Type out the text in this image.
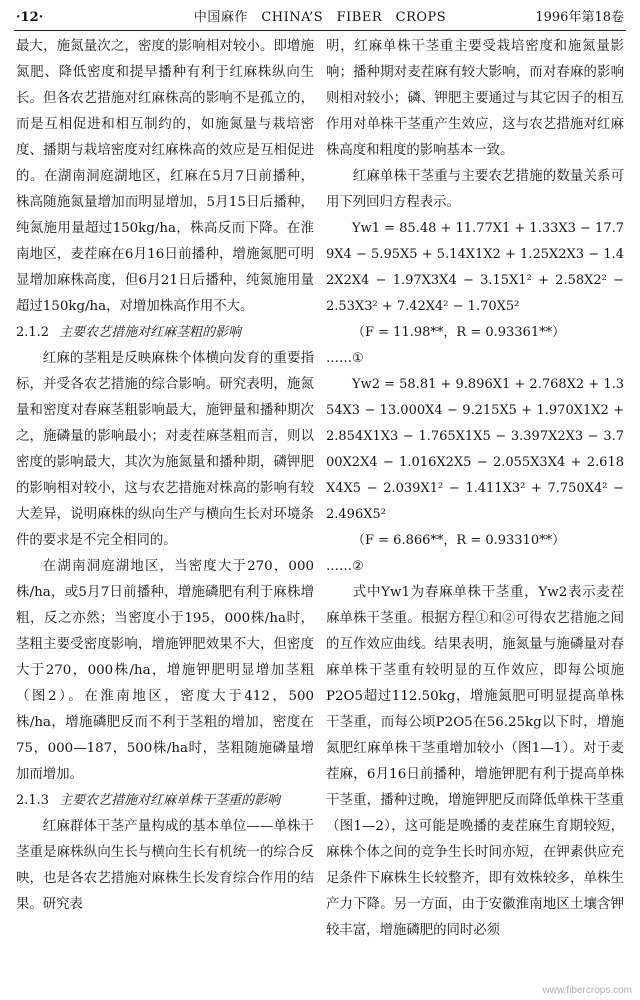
·12·	中国麻作　CHINA’S　FIBER　CROPS	1996年第18卷

最大，施氮量次之，密度的影响相对较小。即增施氮肥、降低密度和提早播种有利于红麻株纵向生长。但各农艺措施对红麻株高的影响不是孤立的，而是互相促进和相互制约的，如施氮量与栽培密度、播期与栽培密度对红麻株高的效应是互相促进的。在湖南洞庭湖地区，红麻在5月7日前播种，株高随施氮量增加而明显增加，5月15日后播种，纯氮施用量超过150kg/ha，株高反而下降。在淮南地区，麦茬麻在6月16日前播种，增施氮肥可明显增加麻株高度，但6月21日后播种，纯氮施用量超过150kg/ha，对增加株高作用不大。

2.1.2 主要农艺措施对红麻茎粗的影响

红麻的茎粗是反映麻株个体横向发育的重要指标，并受各农艺措施的综合影响。研究表明，施氮量和密度对春麻茎粗影响最大，施钾量和播种期次之，施磷量的影响最小；对麦茬麻茎粗而言，则以密度的影响最大，其次为施氮量和播种期，磷钾肥的影响相对较小，这与农艺措施对株高的影响有较大差异，说明麻株的纵向生产与横向生长对环境条件的要求是不完全相同的。

在湖南洞庭湖地区，当密度大于270，000株/ha，或5月7日前播种，增施磷肥有利于麻株增粗，反之亦然；当密度小于195，000株/ha时，茎粗主要受密度影响，增施钾肥效果不大，但密度大于270，000株/ha，增施钾肥明显增加茎粗（图2）。在淮南地区，密度大于412，500株/ha，增施磷肥反而不利于茎粗的增加，密度在75，000—187，500株/ha时，茎粗随施磷量增加而增加。

2.1.3 主要农艺措施对红麻单株干茎重的影响

红麻群体干茎产量构成的基本单位——单株干茎重是麻株纵向生长与横向生长有机统一的综合反映，也是各农艺措施对麻株生长发育综合作用的结果。研究表

明，红麻单株干茎重主要受栽培密度和施氮量影响；播种期对麦茬麻有较大影响，而对春麻的影响则相对较小；磷、钾肥主要通过与其它因子的相互作用对单株干茎重产生效应，这与农艺措施对红麻株高度和粗度的影响基本一致。

红麻单株干茎重与主要农艺措施的数量关系可用下列回归方程表示。

Yw1 = 85.48 + 11.77X1 + 1.33X3 − 17.79X4 − 5.95X5 + 5.14X1X2 + 1.25X2X3 − 1.42X2X4 − 1.97X3X4 − 3.15X1² + 2.58X2² − 2.53X3² + 7.42X4² − 1.70X5²

（F = 11.98**，R = 0.93361**）

……①

Yw2 = 58.81 + 9.896X1 + 2.768X2 + 1.354X3 − 13.000X4 − 9.215X5 + 1.970X1X2 + 2.854X1X3 − 1.765X1X5 − 3.397X2X3 − 3.700X2X4 − 1.016X2X5 − 2.055X3X4 + 2.618X4X5 − 2.039X1² − 1.411X3² + 7.750X4² − 2.496X5²

（F = 6.866**，R = 0.93310**）

……②

式中Yw1为春麻单株干茎重，Yw2表示麦茬麻单株干茎重。根据方程①和②可得农艺措施之间的互作效应曲线。结果表明，施氮量与施磷量对春麻单株干茎重有较明显的互作效应，即每公顷施P2O5超过112.50kg，增施氮肥可明显提高单株干茎重，而每公顷P2O5在56.25kg以下时，增施氮肥红麻单株干茎重增加较小（图1—1）。对于麦茬麻，6月16日前播种，增施钾肥有利于提高单株干茎重，播种过晚，增施钾肥反而降低单株干茎重（图1—2），这可能是晚播的麦茬麻生育期较短，麻株个体之间的竞争生长时间亦短，在钾素供应充足条件下麻株生长较整齐，即有效株较多，单株生产力下降。另一方面，由于安徽淮南地区土壤含钾较丰富，增施磷肥的同时必须

www.fibercrops.com
